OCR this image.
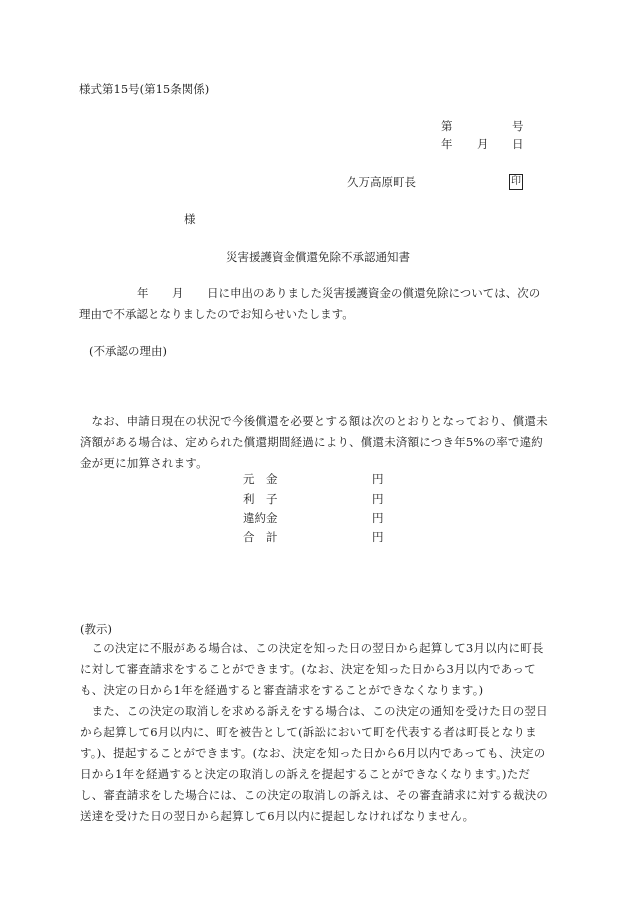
様式第15号(第15条関係)
第	号
年 月 日
久万高原町長	印
様
災害援護資金償還免除不承認通知書
年 月 日に申出のありました災害援護資金の償還免除については、次の
理由で不承認となりましたのでお知らせいたします。
(不承認の理由)

なお、申請日現在の状況で今後償還を必要とする額は次のとおりとなっており、償還未済額がある場合は、定められた償還期間経過により、償還未済額につき年5%の率で違約金が更に加算されます。

元　金	円
利　子	円
違約金	円
合　計	円
(教示)

この決定に不服がある場合は、この決定を知った日の翌日から起算して3月以内に町長に対して審査請求をすることができます。(なお、決定を知った日から3月以内であっても、決定の日から1年を経過すると審査請求をすることができなくなります。)

また、この決定の取消しを求める訴えをする場合は、この決定の通知を受けた日の翌日から起算して6月以内に、町を被告として(訴訟において町を代表する者は町長となります。)、提起することができます。(なお、決定を知った日から6月以内であっても、決定の日から1年を経過すると決定の取消しの訴えを提起することができなくなります。)ただし、審査請求をした場合には、この決定の取消しの訴えは、その審査請求に対する裁決の送達を受けた日の翌日から起算して6月以内に提起しなければなりません。
